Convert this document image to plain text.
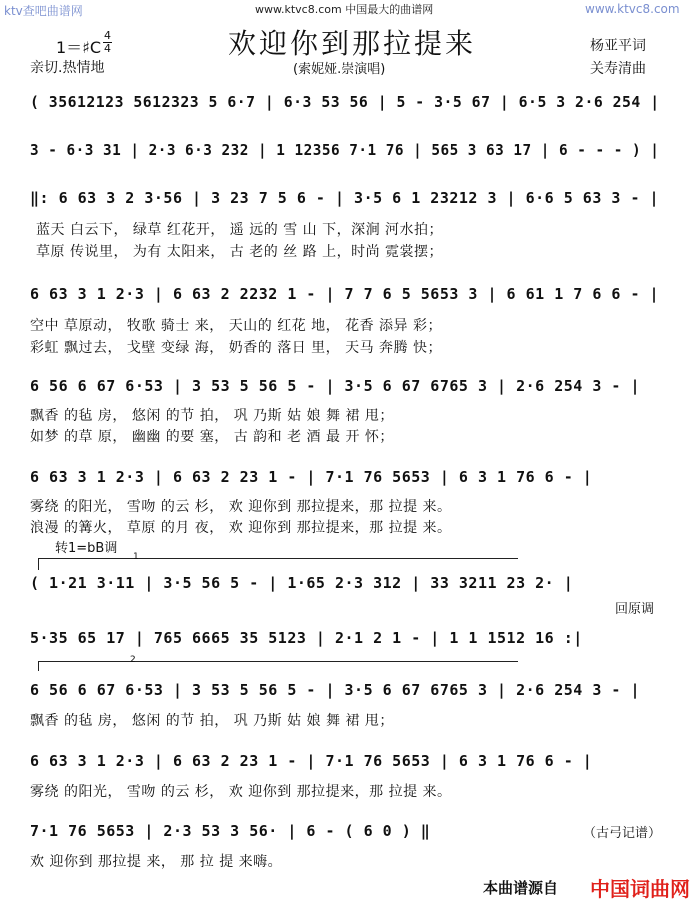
ktv查吧曲谱网	www.ktvc8.com 中国最大的曲谱网	www.ktvc8.com
欢迎你到那拉提来
1＝♯C
4
4
亲切.热情地	(索妮娅.崇演唱)
杨亚平词
关寿清曲
( 35612123 5612323 5 6·7 | 6·3 53 56 | 5 - 3·5 67 | 6·5 3 2·6 254 |
3 - 6·3 31 | 2·3 6·3 232 | 1 12356 7·1 76 | 565 3 63 17 | 6 - - - ) |
‖: 6 63 3 2 3·56 | 3 23 7 5 6 - | 3·5 6 1 23212 3 | 6·6 5 63 3 - |
蓝天 白云下， 绿草 红花开， 遥 远的 雪 山 下，深涧 河水拍；
草原 传说里， 为有 太阳来， 古 老的 丝 路 上，时尚 霓裳摆；
6 63 3 1 2·3 | 6 63 2 2232 1 - | 7 7 6 5 5653 3 | 6 61 1 7 6 6 - |
空中 草原动， 牧歌 骑士 来， 天山的 红花 地， 花香 添异 彩；
彩虹 飘过去， 戈壁 变绿 海， 奶香的 落日 里， 天马 奔腾 快；
6 56 6 67 6·53 | 3 53 5 56 5 - | 3·5 6 67 6765 3 | 2·6 254 3 - |
飘香 的毡 房， 悠闲 的节 拍， 巩 乃斯 姑 娘 舞 裙 甩；
如梦 的草 原， 幽幽 的要 塞， 古 韵和 老 酒 最 开 怀；
6 63 3 1 2·3 | 6 63 2 23 1 - | 7·1 76 5653 | 6 3 1 76 6 - |
雾绕 的阳光， 雪吻 的云 杉， 欢 迎你到 那拉提来，那 拉提 来。
浪漫 的篝火， 草原 的月 夜， 欢 迎你到 那拉提来，那 拉提 来。
转1=bB调
1
( 1·21 3·11 | 3·5 56 5 - | 1·65 2·3 312 | 33 3211 23 2· |
回原调
5·35 65 17 | 765 6665 35 5123 | 2·1 2 1 - | 1 1 1512 16 :|
2
6 56 6 67 6·53 | 3 53 5 56 5 - | 3·5 6 67 6765 3 | 2·6 254 3 - |
飘香 的毡 房， 悠闲 的节 拍， 巩 乃斯 姑 娘 舞 裙 甩；
6 63 3 1 2·3 | 6 63 2 23 1 - | 7·1 76 5653 | 6 3 1 76 6 - |
雾绕 的阳光， 雪吻 的云 杉， 欢 迎你到 那拉提来，那 拉提 来。
7·1 76 5653 | 2·3 53 3 56· | 6 - ( 6 0 ) ‖
欢 迎你到 那拉提 来， 那 拉 提 来嗨。
（古弓记谱）
本曲谱源自 中国词曲网
